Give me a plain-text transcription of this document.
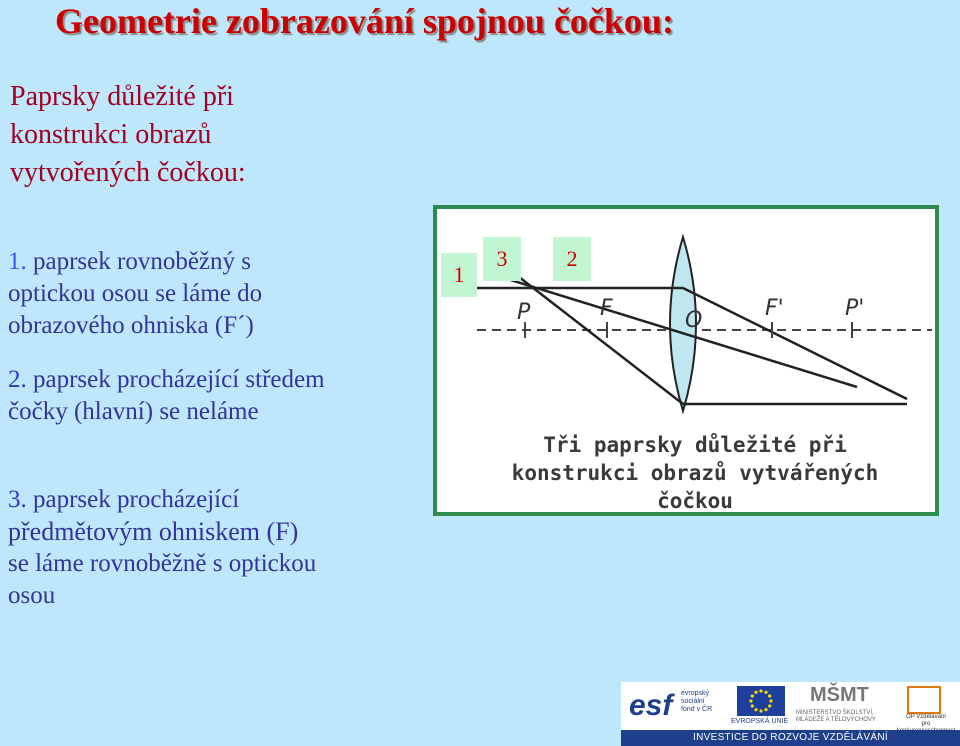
Geometrie zobrazování spojnou čočkou:
Paprsky důležité při
konstrukci obrazů
vytvořených čočkou:
1. paprsek rovnoběžný s
optickou osou se láme do
obrazového ohniska (F´)
2. paprsek procházející středem
čočky (hlavní) se neláme
3. paprsek procházející
předmětovým ohniskem (F)
se láme rovnoběžně s optickou
osou
P	F	O	F'	P'
1
3	2
Tři paprsky důležité při
konstrukci obrazů vytvářených
čočkou
esf evropský
sociální
fond v ČR
EVROPSKÁ UNIE
MŠMT
MINISTERSTVO ŠKOLSTVÍ, MLÁDEŽE A TĚLOVÝCHOVY	OP Vzdělávání
pro
INVESTICE DO ROZVOJE VZDĚLÁVÁNÍ
